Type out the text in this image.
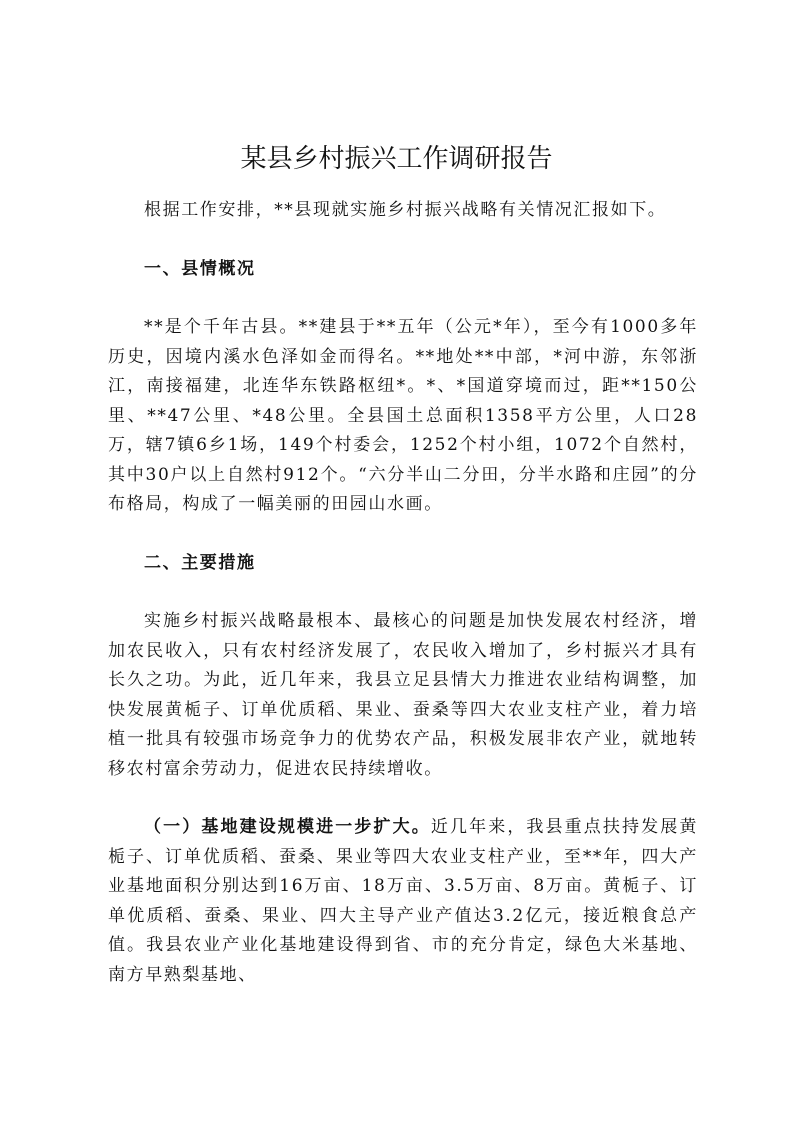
某县乡村振兴工作调研报告

根据工作安排，**县现就实施乡村振兴战略有关情况汇报如下。

一、县情概况

**是个千年古县。**建县于**五年（公元*年），至今有1000多年历史，因境内溪水色泽如金而得名。**地处**中部，*河中游，东邻浙江，南接福建，北连华东铁路枢纽*。*、*国道穿境而过，距**150公里、**47公里、*48公里。全县国土总面积1358平方公里，人口28万，辖7镇6乡1场，149个村委会，1252个村小组，1072个自然村，其中30户以上自然村912个。“六分半山二分田，分半水路和庄园”的分布格局，构成了一幅美丽的田园山水画。

二、主要措施

实施乡村振兴战略最根本、最核心的问题是加快发展农村经济，增加农民收入，只有农村经济发展了，农民收入增加了，乡村振兴才具有长久之功。为此，近几年来，我县立足县情大力推进农业结构调整，加快发展黄栀子、订单优质稻、果业、蚕桑等四大农业支柱产业，着力培植一批具有较强市场竞争力的优势农产品，积极发展非农产业，就地转移农村富余劳动力，促进农民持续增收。

（一）基地建设规模进一步扩大。近几年来，我县重点扶持发展黄栀子、订单优质稻、蚕桑、果业等四大农业支柱产业，至**年，四大产业基地面积分别达到16万亩、18万亩、3.5万亩、8万亩。黄栀子、订单优质稻、蚕桑、果业、四大主导产业产值达3.2亿元，接近粮食总产值。我县农业产业化基地建设得到省、市的充分肯定，绿色大米基地、南方早熟梨基地、
